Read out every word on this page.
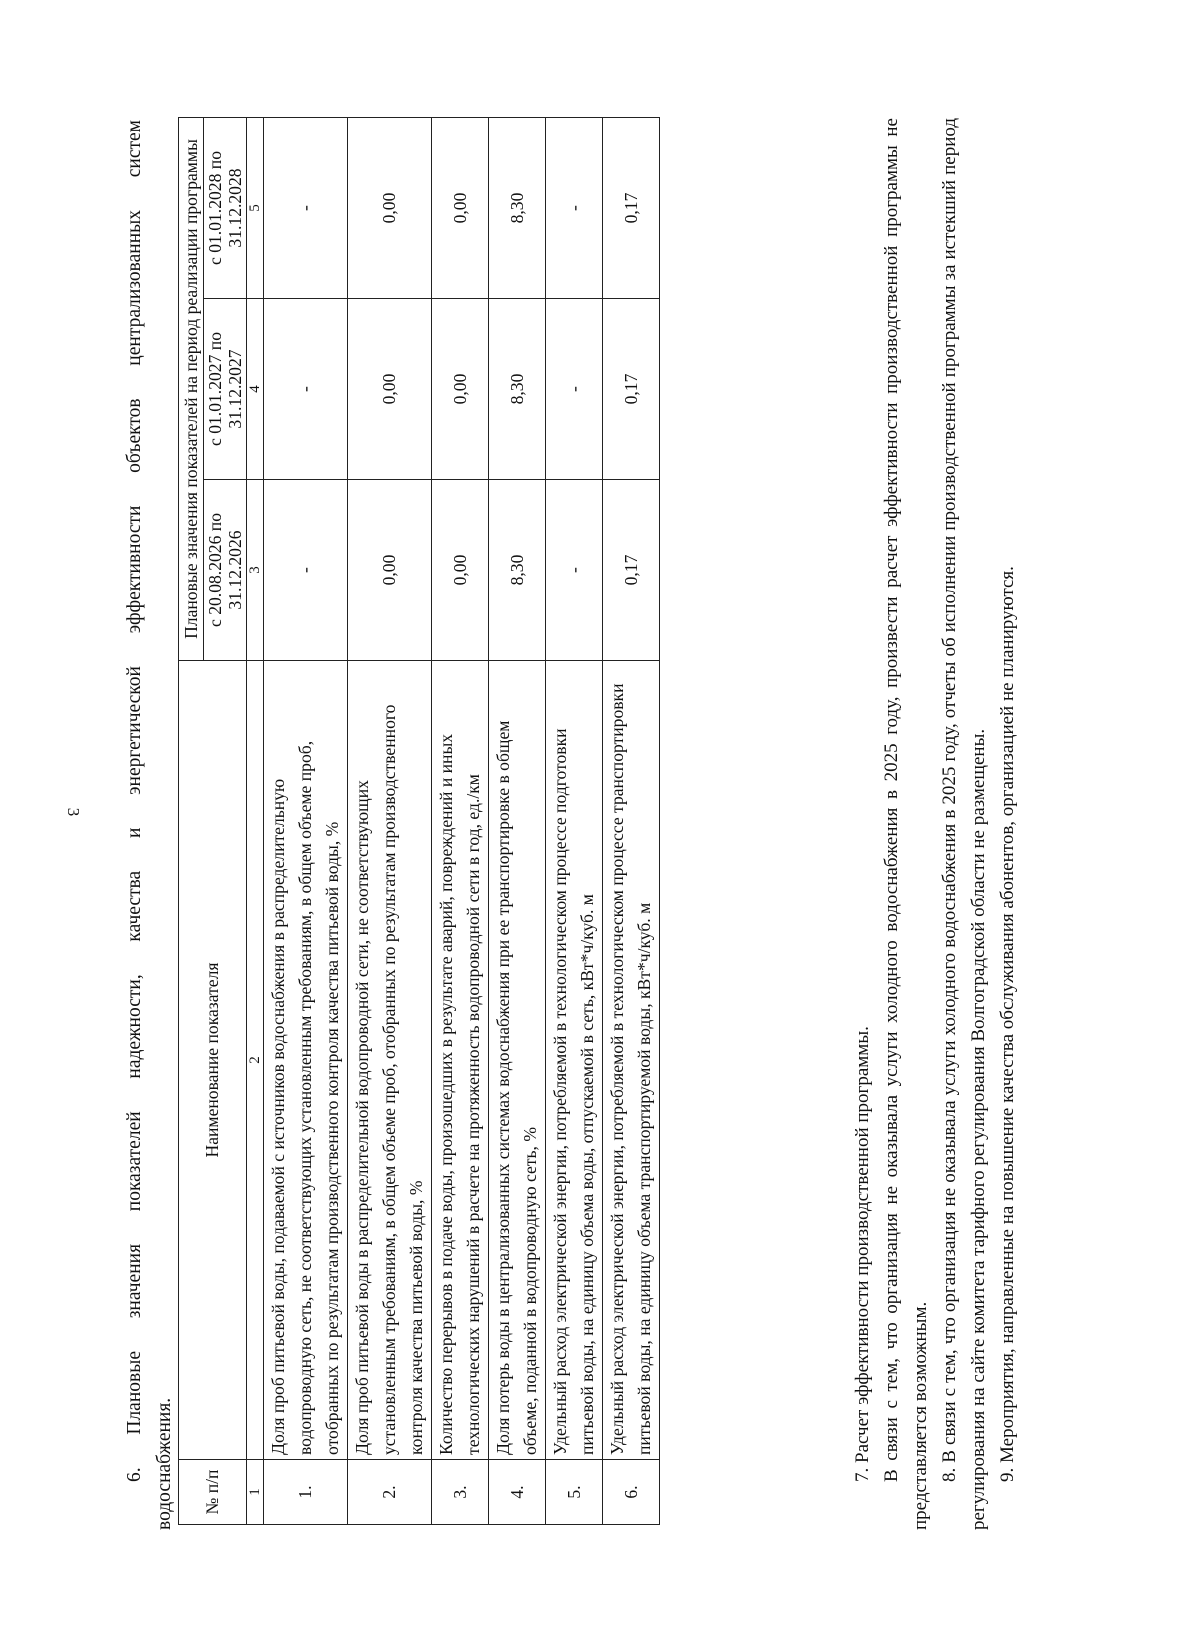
3 6. Плановые значения показателей надежности, качества и энергетической эффективности объектов централизованных систем водоснабжения. № п/п	Наименование показателя	Плановые значения показателей на период реализации программы		
		с 20.08.2026 по 31.12.2026	с 01.01.2027 по 31.12.2027	с 01.01.2028 по 31.12.2028
1	2	3	4	5
1.	Доля проб питьевой воды, подаваемой с источников водоснабжения в распределительную водопроводную сеть, не соответствующих установленным требованиям, в общем объеме проб, отобранных по результатам производственного контроля качества питьевой воды, %	-	-	-
2.	Доля проб питьевой воды в распределительной водопроводной сети, не соответствующих установленным требованиям, в общем объеме проб, отобранных по результатам производственного контроля качества питьевой воды, %	0,00	0,00	0,00
3.	Количество перерывов в подаче воды, произошедших в результате аварий, повреждений и иных технологических нарушений в расчете на протяженность водопроводной сети в год, ед./км	0,00	0,00	0,00
4.	Доля потерь воды в централизованных системах водоснабжения при ее транспортировке в общем объеме, поданной в водопроводную сеть, %	8,30	8,30	8,30
5.	Удельный расход электрической энергии, потребляемой в технологическом процессе подготовки питьевой воды, на единицу объема воды, отпускаемой в сеть, кВт*ч/куб. м	-	-	-
6.	Удельный расход электрической энергии, потребляемой в технологическом процессе транспортировки питьевой воды, на единицу объема транспортируемой воды, кВт*ч/куб. м	0,17	0,17	0,17

7. Расчет эффективности производственной программы. В связи с тем, что организация не оказывала услуги холодного водоснабжения в 2025 году, произвести расчет эффективности производственной программы не представляется возможным. 8. В связи с тем, что организация не оказывала услуги холодного водоснабжения в 2025 году, отчеты об исполнении производственной программы за истекший период регулирования на сайте комитета тарифного регулирования Волгоградской области не размещены. 9. Мероприятия, направленные на повышение качества обслуживания абонентов, организацией не планируются.
